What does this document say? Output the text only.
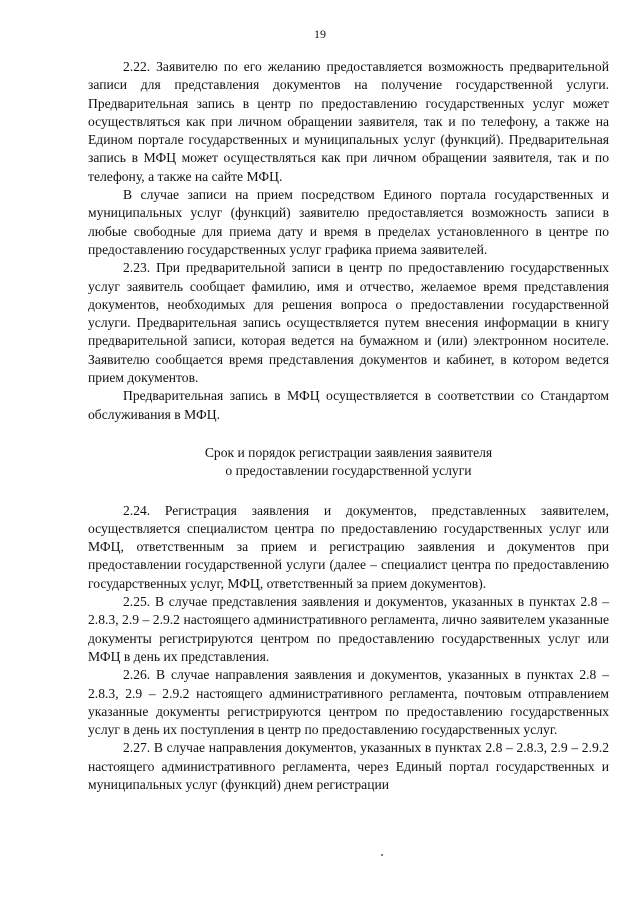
19

2.22. Заявителю по его желанию предоставляется возможность предварительной записи для представления документов на получение государственной услуги. Предварительная запись в центр по предоставлению государственных услуг может осуществляться как при личном обращении заявителя, так и по телефону, а также на Едином портале государственных и муниципальных услуг (функций). Предварительная запись в МФЦ может осуществляться как при личном обращении заявителя, так и по телефону, а также на сайте МФЦ.

В случае записи на прием посредством Единого портала государственных и муниципальных услуг (функций) заявителю предоставляется возможность записи в любые свободные для приема дату и время в пределах установленного в центре по предоставлению государственных услуг графика приема заявителей.

2.23. При предварительной записи в центр по предоставлению государственных услуг заявитель сообщает фамилию, имя и отчество, желаемое время представления документов, необходимых для решения вопроса о предоставлении государственной услуги. Предварительная запись осуществляется путем внесения информации в книгу предварительной записи, которая ведется на бумажном и (или) электронном носителе. Заявителю сообщается время представления документов и кабинет, в котором ведется прием документов.

Предварительная запись в МФЦ осуществляется в соответствии со Стандартом обслуживания в МФЦ.

Срок и порядок регистрации заявления заявителя
о предоставлении государственной услуги

2.24. Регистрация заявления и документов, представленных заявителем, осуществляется специалистом центра по предоставлению государственных услуг или МФЦ, ответственным за прием и регистрацию заявления и документов при предоставлении государственной услуги (далее – специалист центра по предоставлению государственных услуг, МФЦ, ответственный за прием документов).

2.25. В случае представления заявления и документов, указанных в пунктах 2.8 – 2.8.3, 2.9 – 2.9.2 настоящего административного регламента, лично заявителем указанные документы регистрируются центром по предоставлению государственных услуг или МФЦ в день их представления.

2.26. В случае направления заявления и документов, указанных в пунктах 2.8 – 2.8.3, 2.9 – 2.9.2 настоящего административного регламента, почтовым отправлением указанные документы регистрируются центром по предоставлению государственных услуг в день их поступления в центр по предоставлению государственных услуг.

2.27. В случае направления документов, указанных в пунктах 2.8 – 2.8.3, 2.9 – 2.9.2 настоящего административного регламента, через Единый портал государственных и муниципальных услуг (функций) днем регистрации
